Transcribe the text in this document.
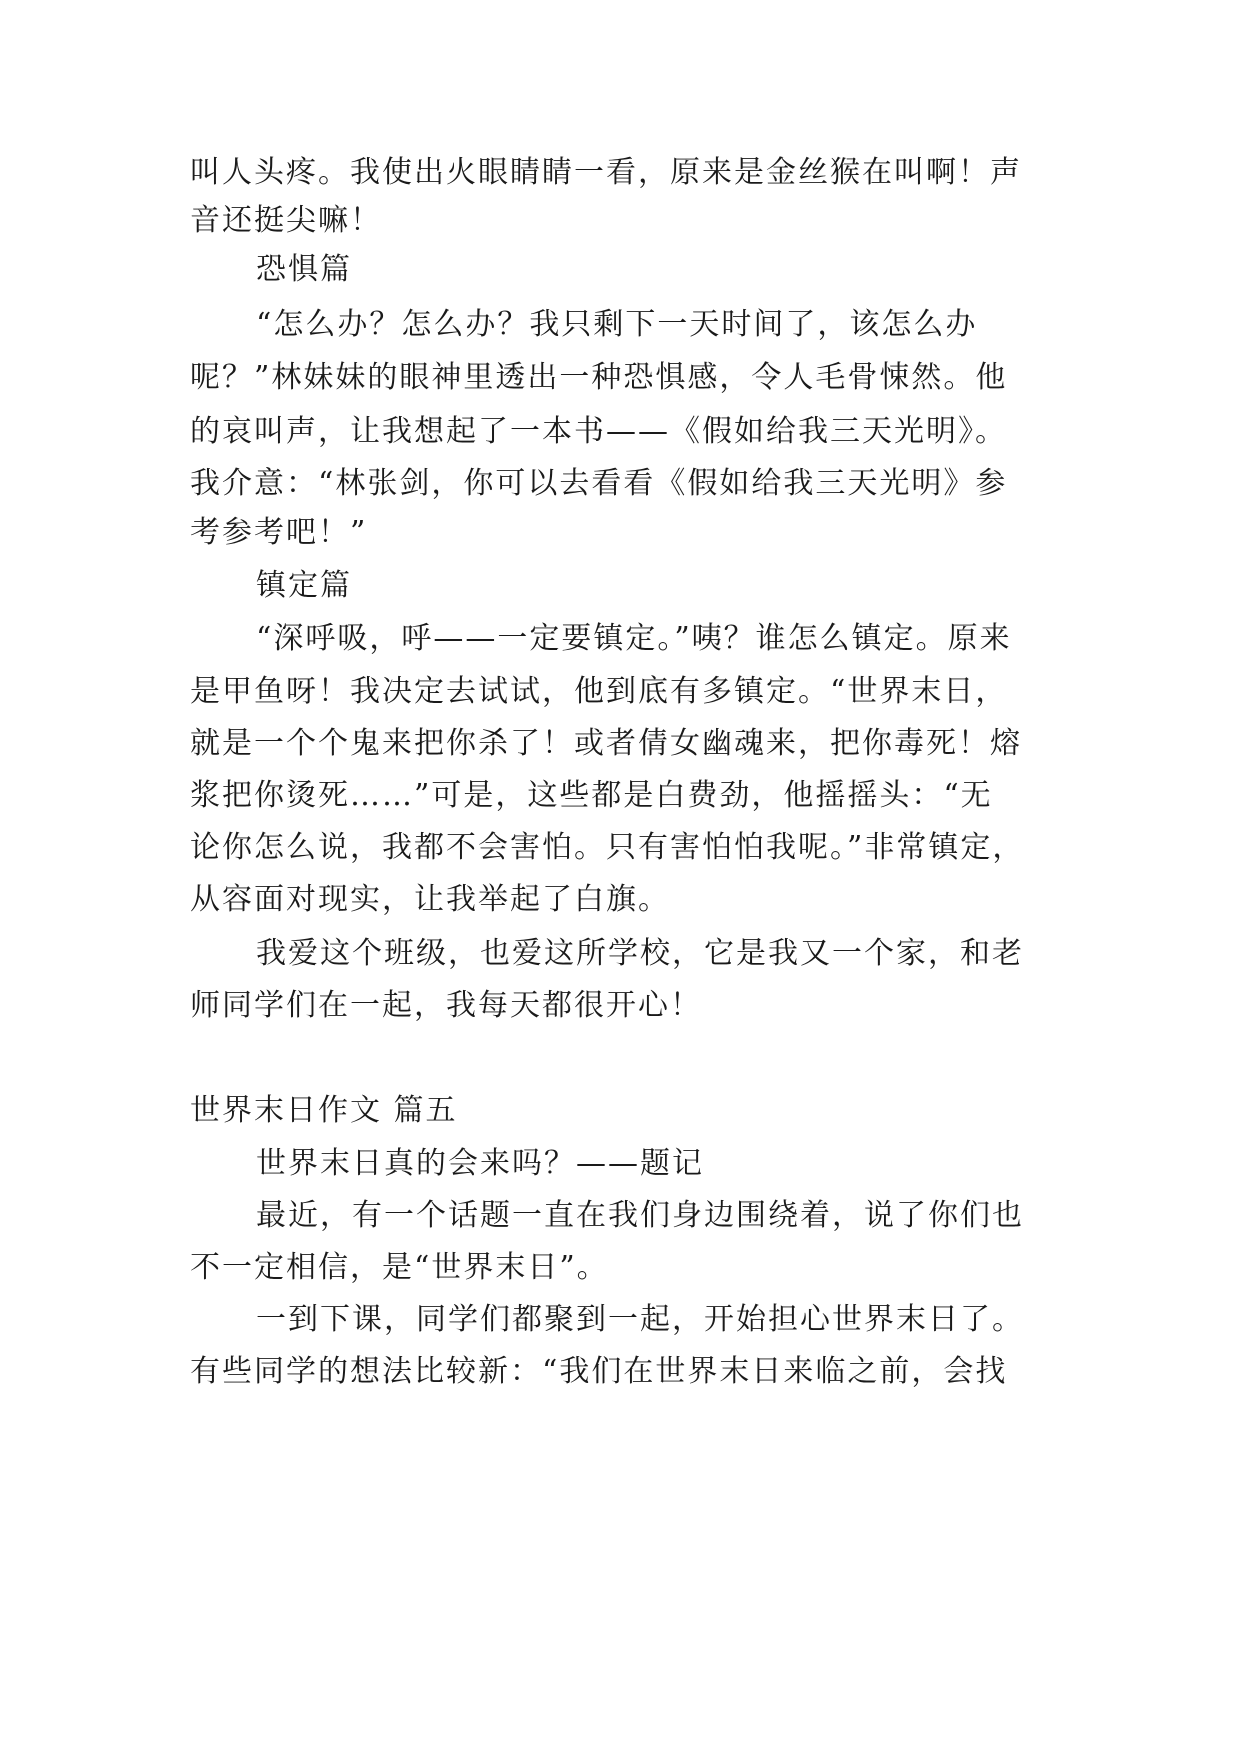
叫人头疼。我使出火眼睛睛一看，原来是金丝猴在叫啊！声
音还挺尖嘛！
恐惧篇
“怎么办？怎么办？我只剩下一天时间了，该怎么办
呢？”林妹妹的眼神里透出一种恐惧感，令人毛骨悚然。他
的哀叫声，让我想起了一本书——《假如给我三天光明》。
我介意：“林张剑，你可以去看看《假如给我三天光明》参
考参考吧！”
镇定篇
“深呼吸，呼——一定要镇定。”咦？谁怎么镇定。原来
是甲鱼呀！我决定去试试，他到底有多镇定。“世界末日，
就是一个个鬼来把你杀了！或者倩女幽魂来，把你毒死！熔
浆把你烫死……”可是，这些都是白费劲，他摇摇头：“无
论你怎么说，我都不会害怕。只有害怕怕我呢。”非常镇定，
从容面对现实，让我举起了白旗。
我爱这个班级，也爱这所学校，它是我又一个家，和老
师同学们在一起，我每天都很开心！
世界末日作文 篇五
世界末日真的会来吗？——题记
最近，有一个话题一直在我们身边围绕着，说了你们也
不一定相信，是“世界末日”。
一到下课，同学们都聚到一起，开始担心世界末日了。
有些同学的想法比较新：“我们在世界末日来临之前，会找
